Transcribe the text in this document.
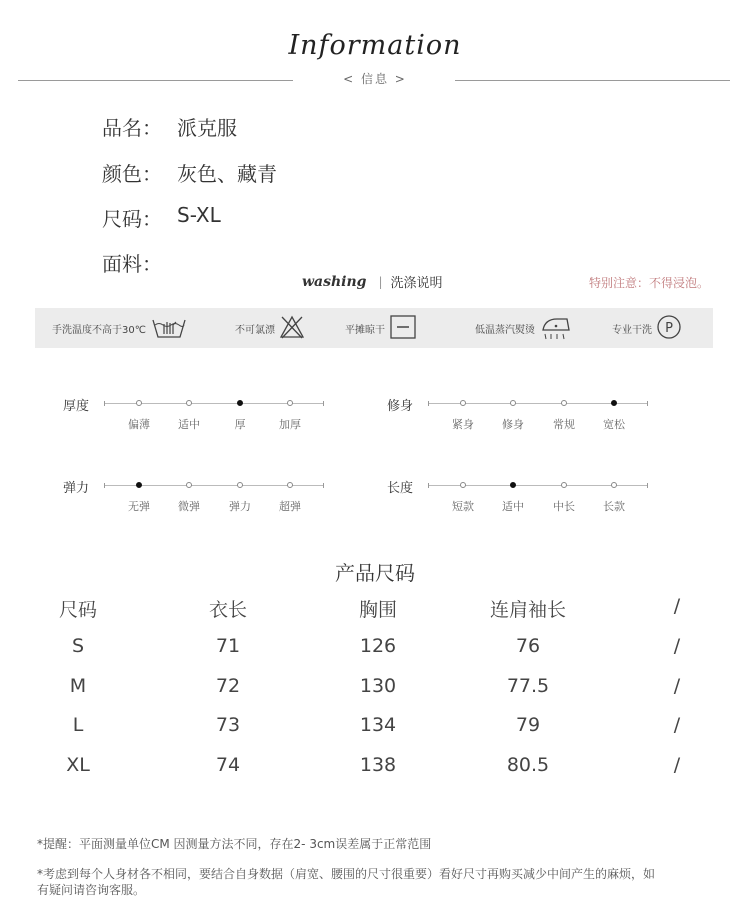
Information
< 信息 >
品名： 派克服
颜色： 灰色、藏青
尺码： S-XL
面料：
washing | 洗涤说明	特别注意：不得浸泡。
手洗温度不高于30℃	不可氯漂	平摊晾干	低温蒸汽熨烫	专业干洗 P
厚度
偏薄	适中	厚	加厚
修身
紧身	修身	常规	宽松
弹力
无弹	微弹	弹力	超弹
长度
短款	适中	中长	长款
产品尺码
尺码	衣长	胸围	连肩袖长	/
S	71	126	76	/
M	72	130	77.5	/
L	73	134	79	/
XL	74	138	80.5	/
*提醒：平面测量单位CM 因测量方法不同，存在2- 3cm误差属于正常范围
*考虑到每个人身材各不相同，要结合自身数据（肩宽、腰围的尺寸很重要）看好尺寸再购买减少中间产生的麻烦，如
有疑问请咨询客服。
